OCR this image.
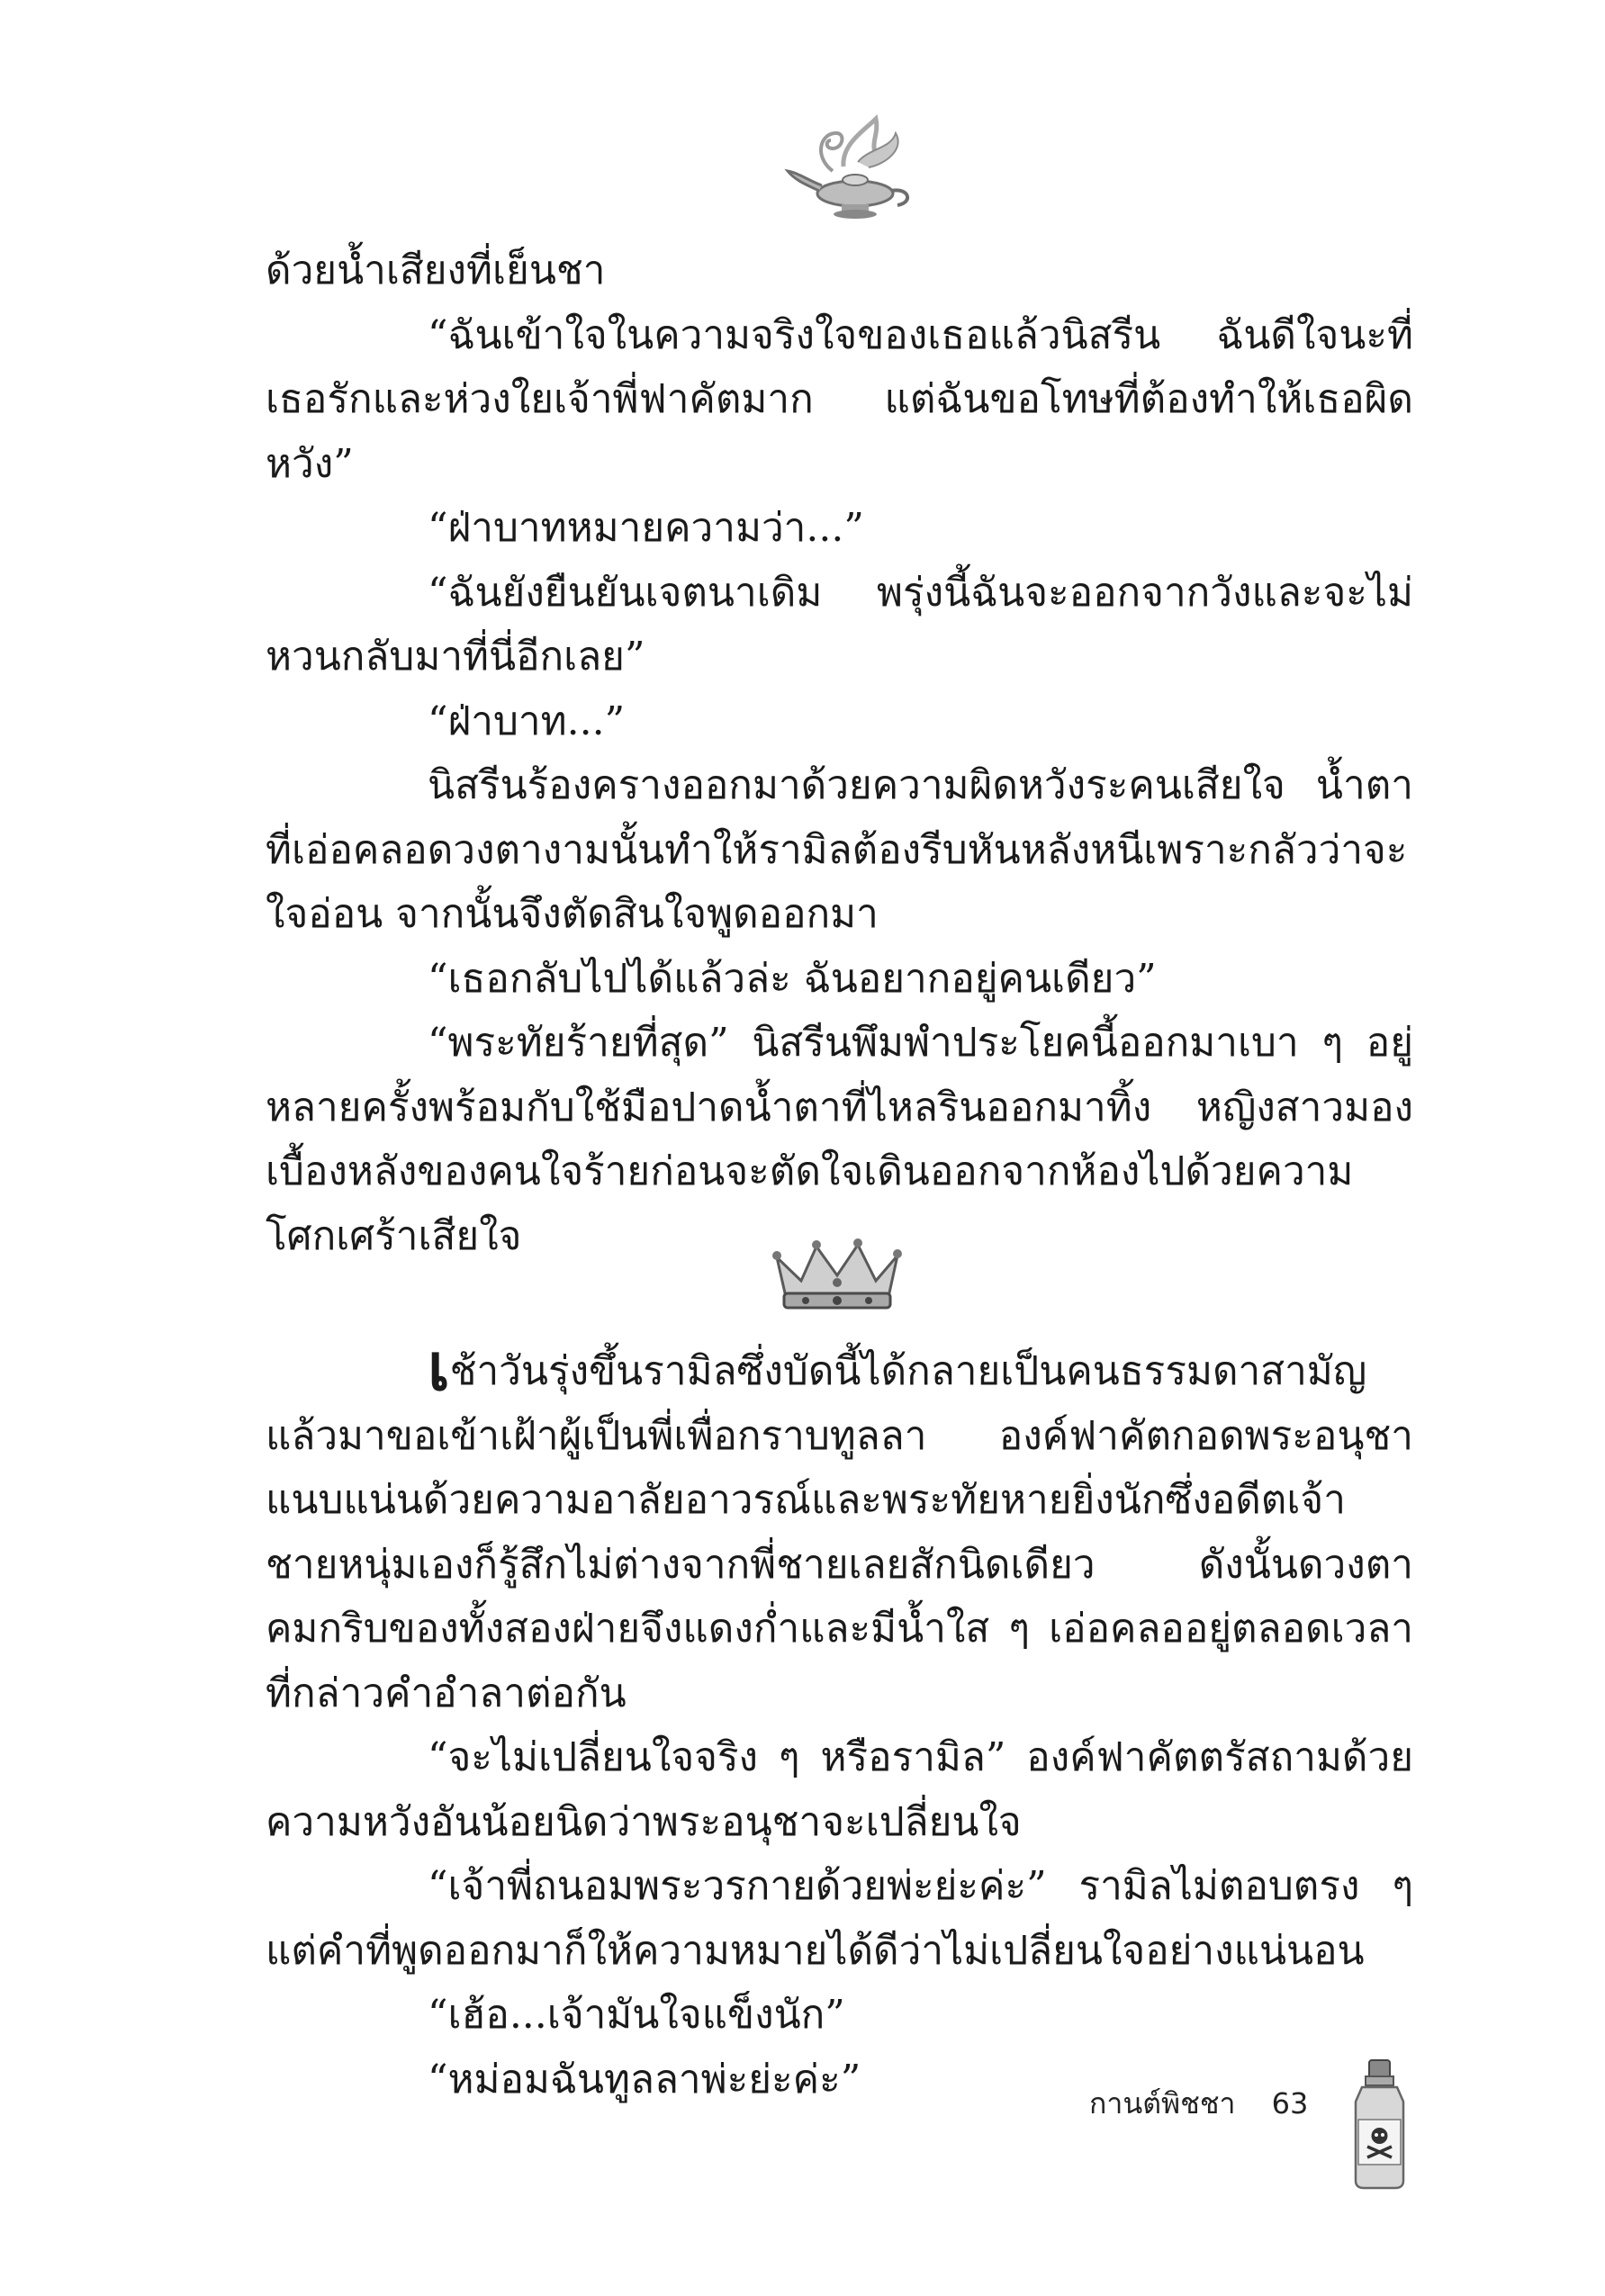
ด้วยน้ำเสียงที่เย็นชา

“ฉันเข้าใจในความจริงใจของเธอแล้วนิสรีน ฉันดีใจนะที่เธอรักและห่วงใยเจ้าพี่ฟาคัตมาก แต่ฉันขอโทษที่ต้องทำให้เธอผิดหวัง”

“ฝ่าบาทหมายความว่า...”

“ฉันยังยืนยันเจตนาเดิม พรุ่งนี้ฉันจะออกจากวังและจะไม่หวนกลับมาที่นี่อีกเลย”

“ฝ่าบาท...”

นิสรีนร้องครางออกมาด้วยความผิดหวังระคนเสียใจ น้ำตาที่เอ่อคลอดวงตางามนั้นทำให้รามิลต้องรีบหันหลังหนีเพราะกลัวว่าจะใจอ่อน จากนั้นจึงตัดสินใจพูดออกมา

“เธอกลับไปได้แล้วล่ะ ฉันอยากอยู่คนเดียว”

“พระทัยร้ายที่สุด” นิสรีนพึมพำประโยคนี้ออกมาเบา ๆ อยู่หลายครั้งพร้อมกับใช้มือปาดน้ำตาที่ไหลรินออกมาทิ้ง หญิงสาวมองเบื้องหลังของคนใจร้ายก่อนจะตัดใจเดินออกจากห้องไปด้วยความโศกเศร้าเสียใจ

เช้าวันรุ่งขึ้นรามิลซึ่งบัดนี้ได้กลายเป็นคนธรรมดาสามัญแล้วมาขอเข้าเฝ้าผู้เป็นพี่เพื่อกราบทูลลา องค์ฟาคัตกอดพระอนุชาแนบแน่นด้วยความอาลัยอาวรณ์และพระทัยหายยิ่งนักซึ่งอดีตเจ้าชายหนุ่มเองก็รู้สึกไม่ต่างจากพี่ชายเลยสักนิดเดียว ดังนั้นดวงตาคมกริบของทั้งสองฝ่ายจึงแดงก่ำและมีน้ำใส ๆ เอ่อคลออยู่ตลอดเวลาที่กล่าวคำอำลาต่อกัน

“จะไม่เปลี่ยนใจจริง ๆ หรือรามิล” องค์ฟาคัตตรัสถามด้วยความหวังอันน้อยนิดว่าพระอนุชาจะเปลี่ยนใจ

“เจ้าพี่ถนอมพระวรกายด้วยพ่ะย่ะค่ะ” รามิลไม่ตอบตรง ๆ แต่คำที่พูดออกมาก็ให้ความหมายได้ดีว่าไม่เปลี่ยนใจอย่างแน่นอน

“เฮ้อ...เจ้ามันใจแข็งนัก”

“หม่อมฉันทูลลาพ่ะย่ะค่ะ”

กานต์พิชชา 63
